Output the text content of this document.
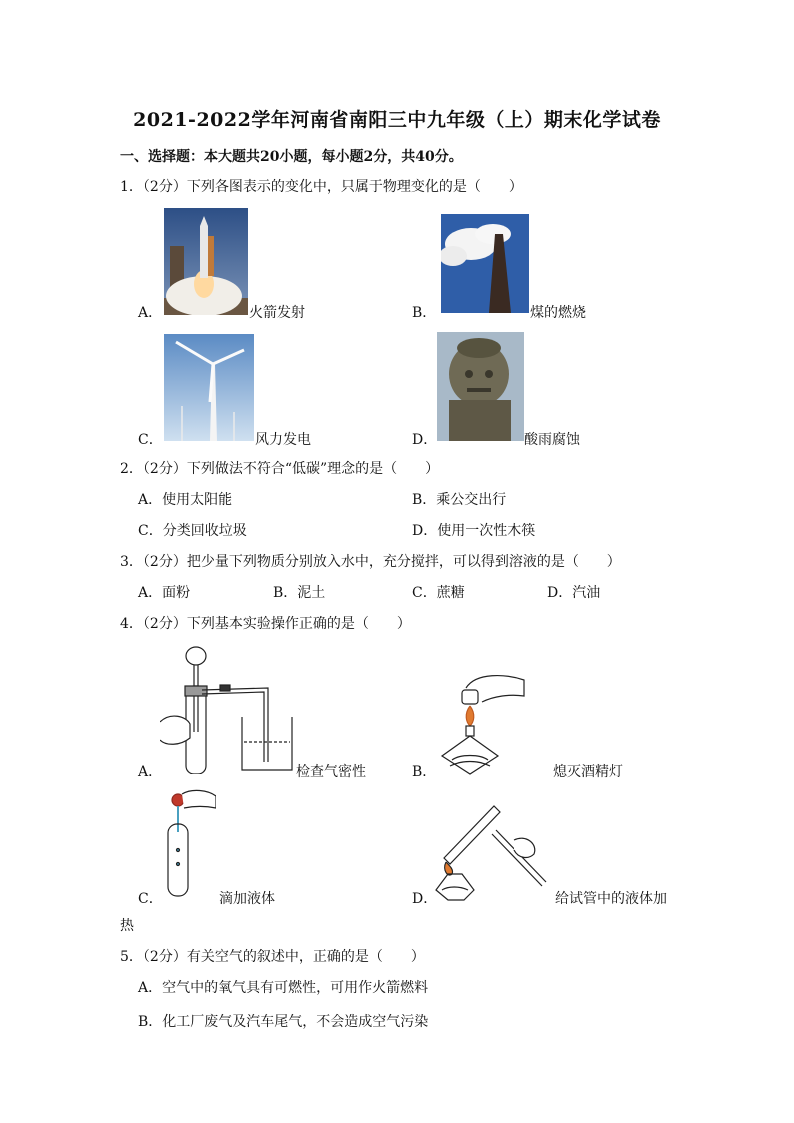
2021-2022学年河南省南阳三中九年级（上）期末化学试卷
一、选择题：本大题共20小题，每小题2分，共40分。
1．（2分）下列各图表示的变化中，只属于物理变化的是（　　）
A．	火箭发射	B．	煤的燃烧
C．	风力发电	D．	酸雨腐蚀
2．（2分）下列做法不符合“低碳”理念的是（　　）
A．使用太阳能	B．乘公交出行
C．分类回收垃圾	D．使用一次性木筷
3．（2分）把少量下列物质分别放入水中，充分搅拌，可以得到溶液的是（　　）
A．面粉	B．泥土	C．蔗糖	D．汽油
4．（2分）下列基本实验操作正确的是（　　）
A．	检查气密性	B．	熄灭酒精灯
C．	滴加液体	D．	给试管中的液体加
热
5．（2分）有关空气的叙述中，正确的是（　　）
A．空气中的氧气具有可燃性，可用作火箭燃料
B．化工厂废气及汽车尾气，不会造成空气污染
